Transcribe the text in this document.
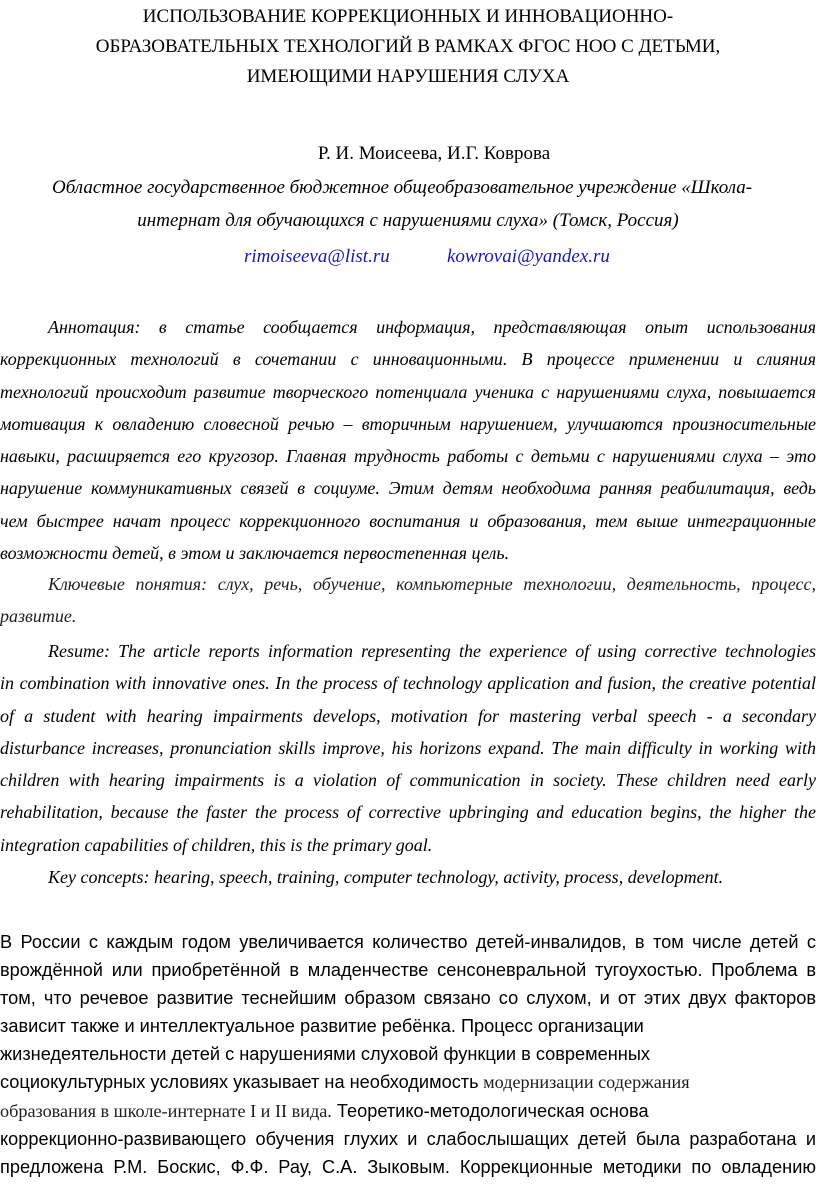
ИСПОЛЬЗОВАНИЕ КОРРЕКЦИОННЫХ И ИННОВАЦИОННО-
ОБРАЗОВАТЕЛЬНЫХ ТЕХНОЛОГИЙ В РАМКАХ ФГОС НОО С ДЕТЬМИ,
ИМЕЮЩИМИ НАРУШЕНИЯ СЛУХА
Р. И. Моисеева, И.Г. Коврова
Областное государственное бюджетное общеобразовательное учреждение «Школа-
интернат для обучающихся с нарушениями слуха» (Томск, Россия)
rimoiseeva@list.ru	kowrovai@yandex.ru
Аннотация: в статье сообщается информация, представляющая опыт использования
коррекционных технологий в сочетании с инновационными. В процессе применении и слияния
технологий происходит развитие творческого потенциала ученика с нарушениями слуха, повышается
мотивация к овладению словесной речью – вторичным нарушением, улучшаются произносительные
навыки, расширяется его кругозор. Главная трудность работы с детьми с нарушениями слуха – это
нарушение коммуникативных связей в социуме. Этим детям необходима ранняя реабилитация, ведь
чем быстрее начат процесс коррекционного воспитания и образования, тем выше интеграционные
возможности детей, в этом и заключается первостепенная цель.
Ключевые понятия: слух, речь, обучение, компьютерные технологии, деятельность, процесс,
развитие.
Resume: The article reports information representing the experience of using corrective technologies
in combination with innovative ones. In the process of technology application and fusion, the creative potential
of a student with hearing impairments develops, motivation for mastering verbal speech - a secondary
disturbance increases, pronunciation skills improve, his horizons expand. The main difficulty in working with
children with hearing impairments is a violation of communication in society. These children need early
rehabilitation, because the faster the process of corrective upbringing and education begins, the higher the
integration capabilities of children, this is the primary goal.
Key concepts: hearing, speech, training, computer technology, activity, process, development.
В России с каждым годом увеличивается количество детей-инвалидов, в том числе детей с
врождённой или приобретённой в младенчестве сенсоневральной тугоухостью. Проблема в
том, что речевое развитие теснейшим образом связано со слухом, и от этих двух факторов
зависит также и интеллектуальное развитие ребёнка. Процесс организации
жизнедеятельности детей с нарушениями слуховой функции в современных
социокультурных условиях указывает на необходимость модернизации содержания
образования в школе-интернате I и II вида. Теоретико-методологическая основа
коррекционно-развивающего обучения глухих и слабослышащих детей была разработана и
предложена Р.М. Боскис, Ф.Ф. Рау, С.А. Зыковым. Коррекционные методики по овладению
